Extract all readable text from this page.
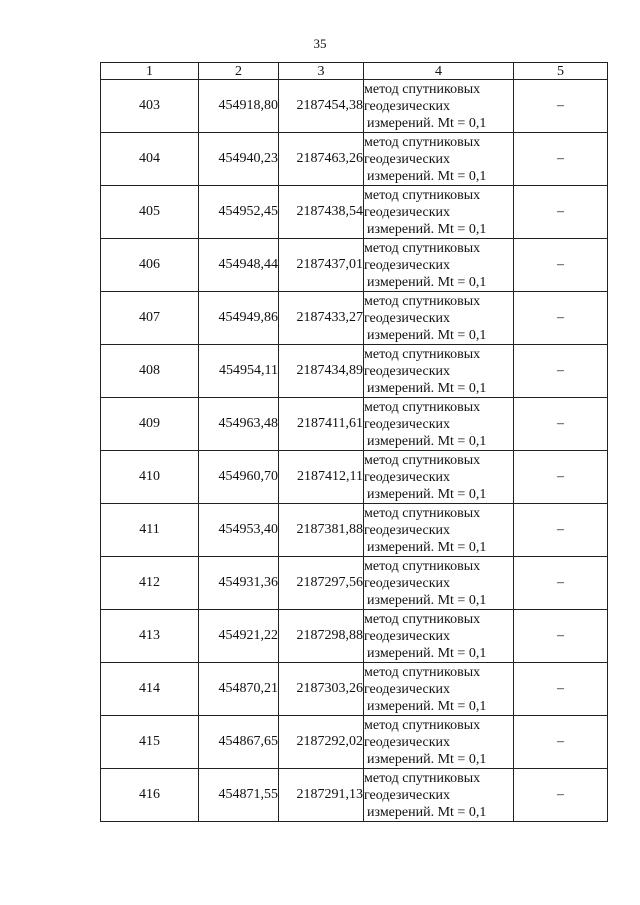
35
1	2	3	4	5
403	454918,80	2187454,38	метод спутниковых
геодезических
измерений. Mt = 0,1	–
404	454940,23	2187463,26	метод спутниковых
геодезических
измерений. Mt = 0,1	–
405	454952,45	2187438,54	метод спутниковых
геодезических
измерений. Mt = 0,1	–
406	454948,44	2187437,01	метод спутниковых
геодезических
измерений. Mt = 0,1	–
407	454949,86	2187433,27	метод спутниковых
геодезических
измерений. Mt = 0,1	–
408	454954,11	2187434,89	метод спутниковых
геодезических
измерений. Mt = 0,1	–
409	454963,48	2187411,61	метод спутниковых
геодезических
измерений. Mt = 0,1	–
410	454960,70	2187412,11	метод спутниковых
геодезических
измерений. Mt = 0,1	–
411	454953,40	2187381,88	метод спутниковых
геодезических
измерений. Mt = 0,1	–
412	454931,36	2187297,56	метод спутниковых
геодезических
измерений. Mt = 0,1	–
413	454921,22	2187298,88	метод спутниковых
геодезических
измерений. Mt = 0,1	–
414	454870,21	2187303,26	метод спутниковых
геодезических
измерений. Mt = 0,1	–
415	454867,65	2187292,02	метод спутниковых
геодезических
измерений. Mt = 0,1	–
416	454871,55	2187291,13	метод спутниковых
геодезических
измерений. Mt = 0,1	–
